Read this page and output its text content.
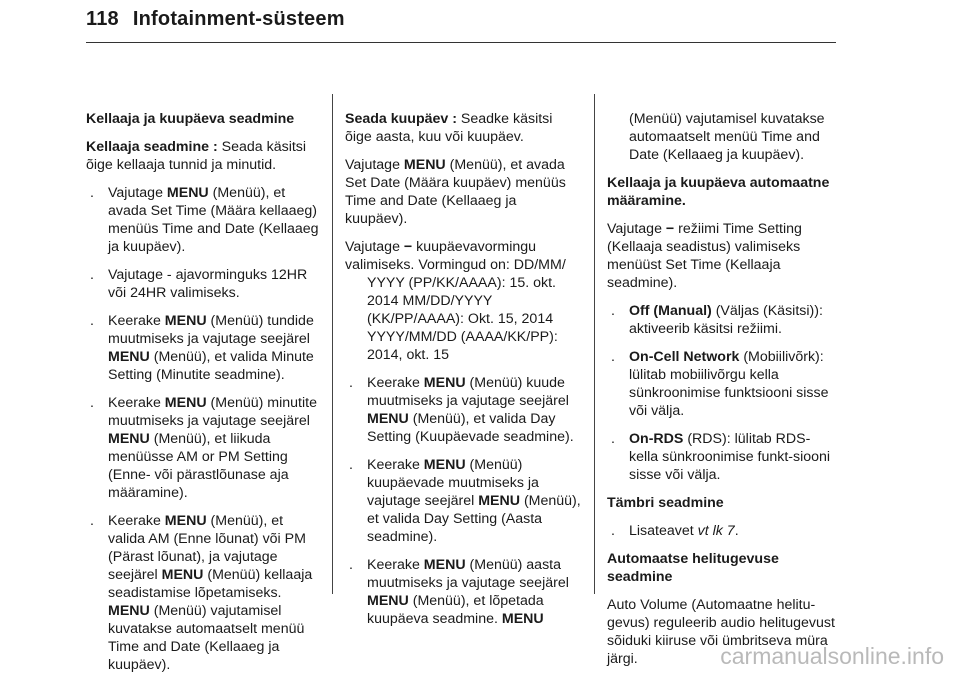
118 Infotainment-süsteem

Kellaaja ja kuupäeva seadmine

Kellaaja seadmine : Seada käsitsi õige kellaaja tunnid ja minutid.

. Vajutage MENU (Menüü), et avada Set Time (Määra kellaaeg) menüüs Time and Date (Kellaaeg ja kuupäev).
. Vajutage - ajavorminguks 12HR või 24HR valimiseks.
. Keerake MENU (Menüü) tundide muutmiseks ja vajutage seejärel MENU (Menüü), et valida Minute Setting (Minutite seadmine).
. Keerake MENU (Menüü) minutite muutmiseks ja vajutage seejärel MENU (Menüü), et liikuda menüüsse AM or PM Setting (Enne- või pärastlõunase aja määramine).
. Keerake MENU (Menüü), et valida AM (Enne lõunat) või PM (Pärast lõunat), ja vajutage seejärel MENU (Menüü) kellaaja seadistamise lõpetamiseks. MENU (Menüü) vajutamisel kuvatakse automaatselt menüü Time and Date (Kellaaeg ja kuupäev).

Seada kuupäev : Seadke käsitsi õige aasta, kuu või kuupäev.

Vajutage MENU (Menüü), et avada Set Date (Määra kuupäev) menüüs Time and Date (Kellaaeg ja kuupäev).

Vajutage − kuupäevavormingu valimiseks. Vormingud on: DD/MM/
YYYY (PP/KK/AAAA): 15. okt. 2014 MM/DD/YYYY (KK/PP/AAAA): Okt. 15, 2014 YYYY/MM/DD (AAAA/KK/PP): 2014, okt. 15

. Keerake MENU (Menüü) kuude muutmiseks ja vajutage seejärel MENU (Menüü), et valida Day Setting (Kuupäevade seadmine).
. Keerake MENU (Menüü) kuupäevade muutmiseks ja vajutage seejärel MENU (Menüü), et valida Day Setting (Aasta seadmine).
. Keerake MENU (Menüü) aasta muutmiseks ja vajutage seejärel MENU (Menüü), et lõpetada kuupäeva seadmine. MENU
(Menüü) vajutamisel kuvatakse automaatselt menüü Time and Date (Kellaaeg ja kuupäev).

Kellaaja ja kuupäeva automaatne määramine.

Vajutage − režiimi Time Setting (Kellaaja seadistus) valimiseks menüüst Set Time (Kellaaja seadmine).

. Off (Manual) (Väljas (Käsitsi)): aktiveerib käsitsi režiimi.
. On-Cell Network (Mobiilivõrk): lülitab mobiilivõrgu kella sünkroonimise funktsiooni sisse või välja.
. On-RDS (RDS): lülitab RDS-kella sünkroonimise funkt-siooni sisse või välja.

Tämbri seadmine

. Lisateavet vt lk 7.

Automaatse helitugevuse seadmine

Auto Volume (Automaatne helitu-gevus) reguleerib audio helitugevust sõiduki kiiruse või ümbritseva müra järgi.	carmanualsonline.info
